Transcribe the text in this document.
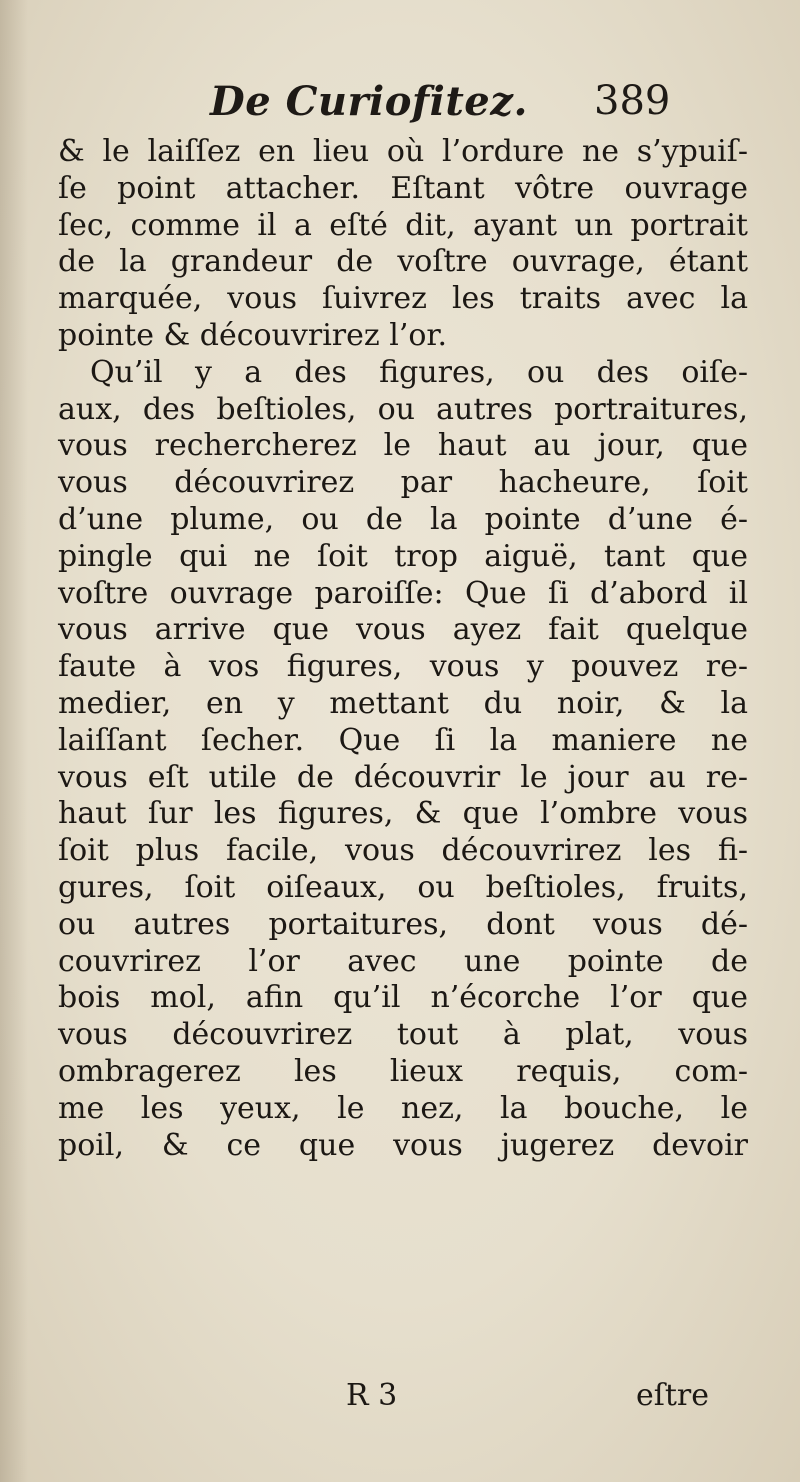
De Curiofitez. 389
& le laiſſez en lieu où l’ordure ne s’ypuiſ-
ſe point attacher. Eſtant vôtre ouvrage
ſec, comme il a eſté dit, ayant un portrait
de la grandeur de voſtre ouvrage, étant
marquée, vous ſuivrez les traits avec la
pointe & découvrirez l’or.
Qu’il y a des figures, ou des oiſe-
aux, des beſtioles, ou autres portraitures,
vous rechercherez le haut au jour, que
vous découvrirez par hacheure, ſoit
d’une plume, ou de la pointe d’une é-
pingle qui ne ſoit trop aiguë, tant que
voſtre ouvrage paroiſſe: Que ſi d’abord il
vous arrive que vous ayez fait quelque
faute à vos figures, vous y pouvez re-
medier, en y mettant du noir, & la
laiſſant ſecher. Que ſi la maniere ne
vous eſt utile de découvrir le jour au re-
haut ſur les figures, & que l’ombre vous
ſoit plus facile, vous découvrirez les fi-
gures, ſoit oiſeaux, ou beſtioles, fruits,
ou autres portaitures, dont vous dé-
couvrirez l’or avec une pointe de
bois mol, afin qu’il n’écorche l’or que
vous découvrirez tout à plat, vous
ombragerez les lieux requis, com-
me les yeux, le nez, la bouche, le
poil, & ce que vous jugerez devoir
R 3	eſtre
